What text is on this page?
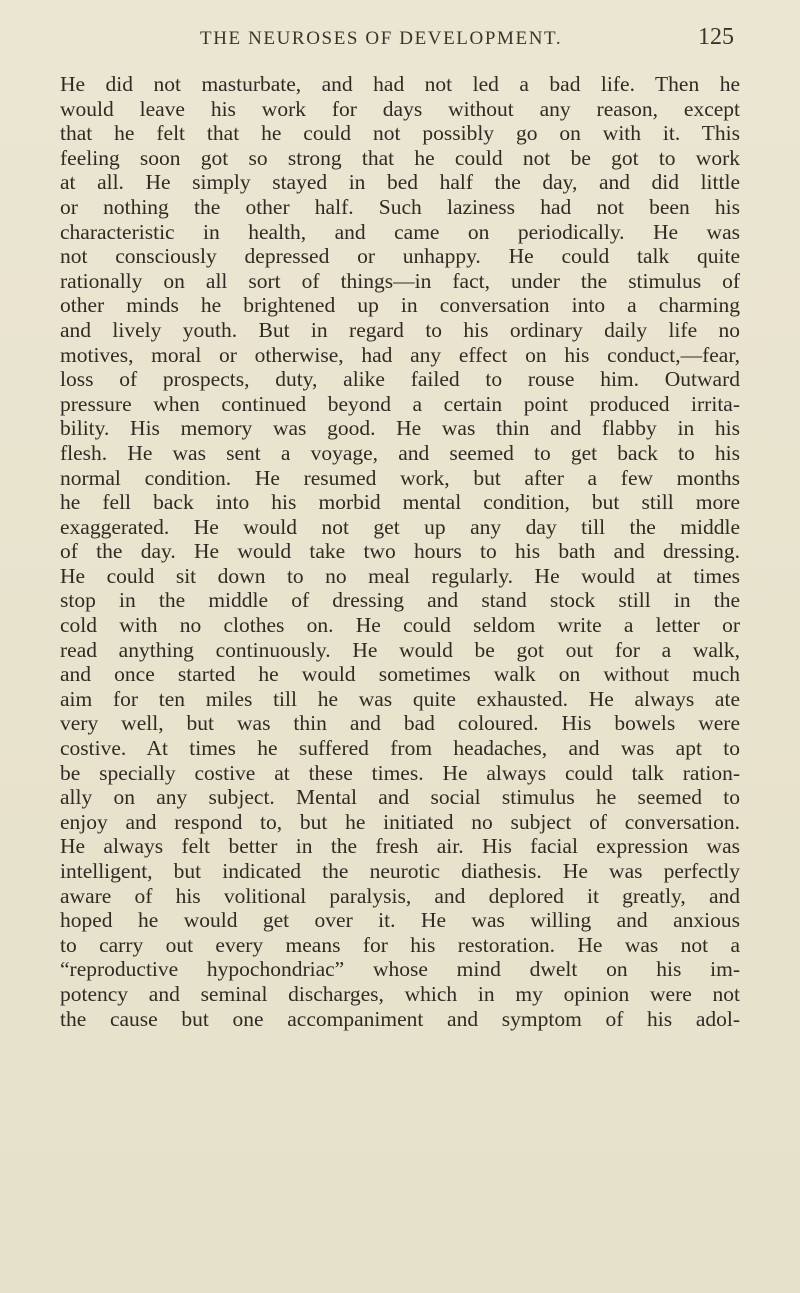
THE NEUROSES OF DEVELOPMENT.	125
He did not masturbate, and had not led a bad life. Then he
would leave his work for days without any reason, except
that he felt that he could not possibly go on with it. This
feeling soon got so strong that he could not be got to work
at all. He simply stayed in bed half the day, and did little
or nothing the other half. Such laziness had not been his
characteristic in health, and came on periodically. He was
not consciously depressed or unhappy. He could talk quite
rationally on all sort of things—in fact, under the stimulus of
other minds he brightened up in conversation into a charming
and lively youth. But in regard to his ordinary daily life no
motives, moral or otherwise, had any effect on his conduct,—fear,
loss of prospects, duty, alike failed to rouse him. Outward
pressure when continued beyond a certain point produced irrita-
bility. His memory was good. He was thin and flabby in his
flesh. He was sent a voyage, and seemed to get back to his
normal condition. He resumed work, but after a few months
he fell back into his morbid mental condition, but still more
exaggerated. He would not get up any day till the middle
of the day. He would take two hours to his bath and dressing.
He could sit down to no meal regularly. He would at times
stop in the middle of dressing and stand stock still in the
cold with no clothes on. He could seldom write a letter or
read anything continuously. He would be got out for a walk,
and once started he would sometimes walk on without much
aim for ten miles till he was quite exhausted. He always ate
very well, but was thin and bad coloured. His bowels were
costive. At times he suffered from headaches, and was apt to
be specially costive at these times. He always could talk ration-
ally on any subject. Mental and social stimulus he seemed to
enjoy and respond to, but he initiated no subject of conversation.
He always felt better in the fresh air. His facial expression was
intelligent, but indicated the neurotic diathesis. He was perfectly
aware of his volitional paralysis, and deplored it greatly, and
hoped he would get over it. He was willing and anxious
to carry out every means for his restoration. He was not a
“reproductive hypochondriac” whose mind dwelt on his im-
potency and seminal discharges, which in my opinion were not
the cause but one accompaniment and symptom of his adol-
